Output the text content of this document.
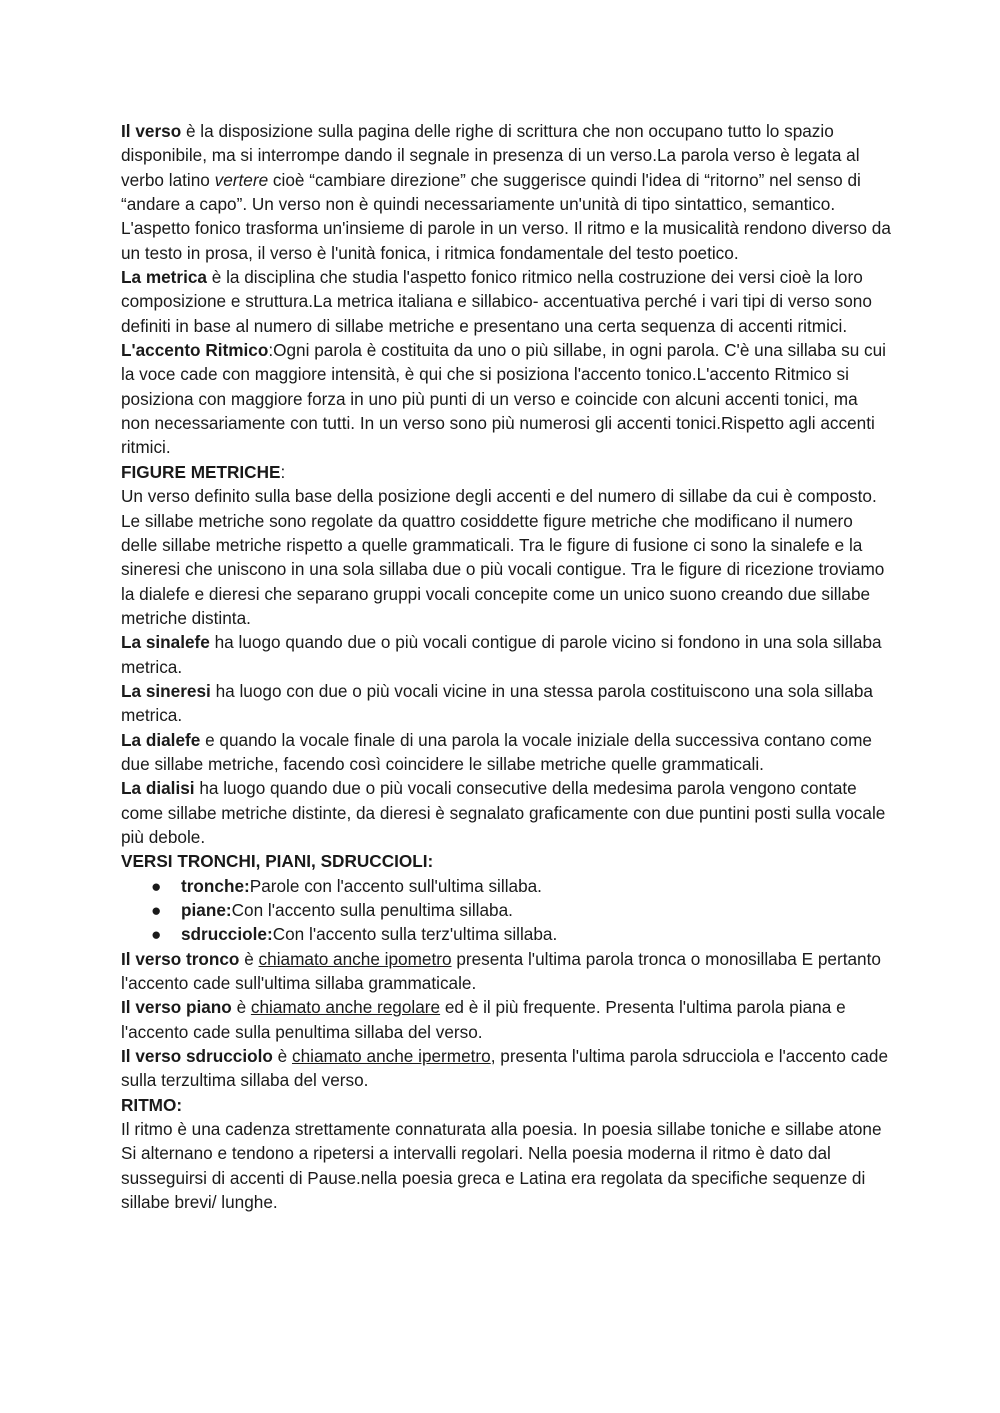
Il verso è la disposizione sulla pagina delle righe di scrittura che non occupano tutto lo spazio disponibile, ma si interrompe dando il segnale in presenza di un verso.La parola verso è legata al verbo latino vertere cioè “cambiare direzione” che suggerisce quindi l'idea di “ritorno” nel senso di “andare a capo”. Un verso non è quindi necessariamente un'unità di tipo sintattico, semantico. L'aspetto fonico trasforma un'insieme di parole in un verso. Il ritmo e la musicalità rendono diverso da un testo in prosa, il verso è l'unità fonica, i ritmica fondamentale del testo poetico.

La metrica è la disciplina che studia l'aspetto fonico ritmico nella costruzione dei versi cioè la loro composizione e struttura.La metrica italiana e sillabico- accentuativa perché i vari tipi di verso sono definiti in base al numero di sillabe metriche e presentano una certa sequenza di accenti ritmici.

L'accento Ritmico:Ogni parola è costituita da uno o più sillabe, in ogni parola. C'è una sillaba su cui la voce cade con maggiore intensità, è qui che si posiziona l'accento tonico.L'accento Ritmico si posiziona con maggiore forza in uno più punti di un verso e coincide con alcuni accenti tonici, ma non necessariamente con tutti. In un verso sono più numerosi gli accenti tonici.Rispetto agli accenti ritmici.

FIGURE METRICHE:

Un verso definito sulla base della posizione degli accenti e del numero di sillabe da cui è composto. Le sillabe metriche sono regolate da quattro cosiddette figure metriche che modificano il numero delle sillabe metriche rispetto a quelle grammaticali. Tra le figure di fusione ci sono la sinalefe e la sineresi che uniscono in una sola sillaba due o più vocali contigue. Tra le figure di ricezione troviamo la dialefe e dieresi che separano gruppi vocali concepite come un unico suono creando due sillabe metriche distinta.

La sinalefe ha luogo quando due o più vocali contigue di parole vicino si fondono in una sola sillaba metrica.

La sineresi ha luogo con due o più vocali vicine in una stessa parola costituiscono una sola sillaba metrica.

La dialefe e quando la vocale finale di una parola la vocale iniziale della successiva contano come due sillabe metriche, facendo così coincidere le sillabe metriche quelle grammaticali.

La dialisi ha luogo quando due o più vocali consecutive della medesima parola vengono contate come sillabe metriche distinte, da dieresi è segnalato graficamente con due puntini posti sulla vocale più debole.

VERSI TRONCHI, PIANI, SDRUCCIOLI:

● tronche:Parole con l'accento sull'ultima sillaba.
● piane:Con l'accento sulla penultima sillaba.
● sdrucciole:Con l'accento sulla terz'ultima sillaba.

Il verso tronco è chiamato anche ipometro presenta l'ultima parola tronca o monosillaba E pertanto l'accento cade sull'ultima sillaba grammaticale.

Il verso piano è chiamato anche regolare ed è il più frequente. Presenta l'ultima parola piana e l'accento cade sulla penultima sillaba del verso.

Il verso sdrucciolo è chiamato anche ipermetro, presenta l'ultima parola sdrucciola e l'accento cade sulla terzultima sillaba del verso.

RITMO:

Il ritmo è una cadenza strettamente connaturata alla poesia. In poesia sillabe toniche e sillabe atone Si alternano e tendono a ripetersi a intervalli regolari. Nella poesia moderna il ritmo è dato dal susseguirsi di accenti di Pause.nella poesia greca e Latina era regolata da specifiche sequenze di sillabe brevi/ lunghe.
